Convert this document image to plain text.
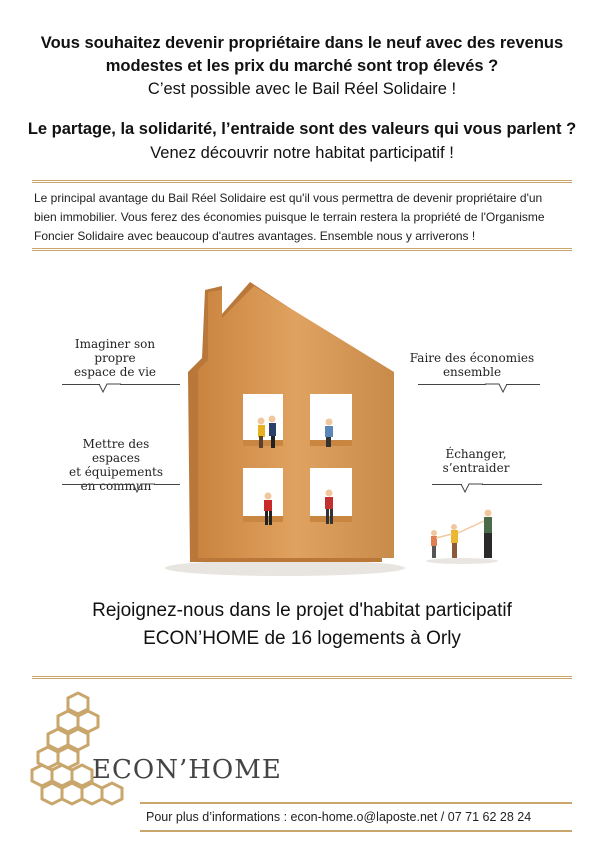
Vous souhaitez devenir propriétaire dans le neuf avec des revenus
modestes et les prix du marché sont trop élevés ?
C’est possible avec le Bail Réel Solidaire !
Le partage, la solidarité, l’entraide sont des valeurs qui vous parlent ?
Venez découvrir notre habitat participatif !
Le principal avantage du Bail Réel Solidaire est qu'il vous permettra de devenir propriétaire d'un
bien immobilier. Vous ferez des économies puisque le terrain restera la propriété de l'Organisme
Foncier Solidaire avec beaucoup d'autres avantages. Ensemble nous y arriverons !
Imaginer son
propre
espace de vie
Faire des économies
ensemble
Mettre des espaces
et équipements
en commun
Échanger,
s’entraider
Rejoignez-nous dans le projet d'habitat participatif
ECON’HOME de 16 logements à Orly
ECON’HOME
Pour plus d’informations : econ-home.o@laposte.net / 07 71 62 28 24
